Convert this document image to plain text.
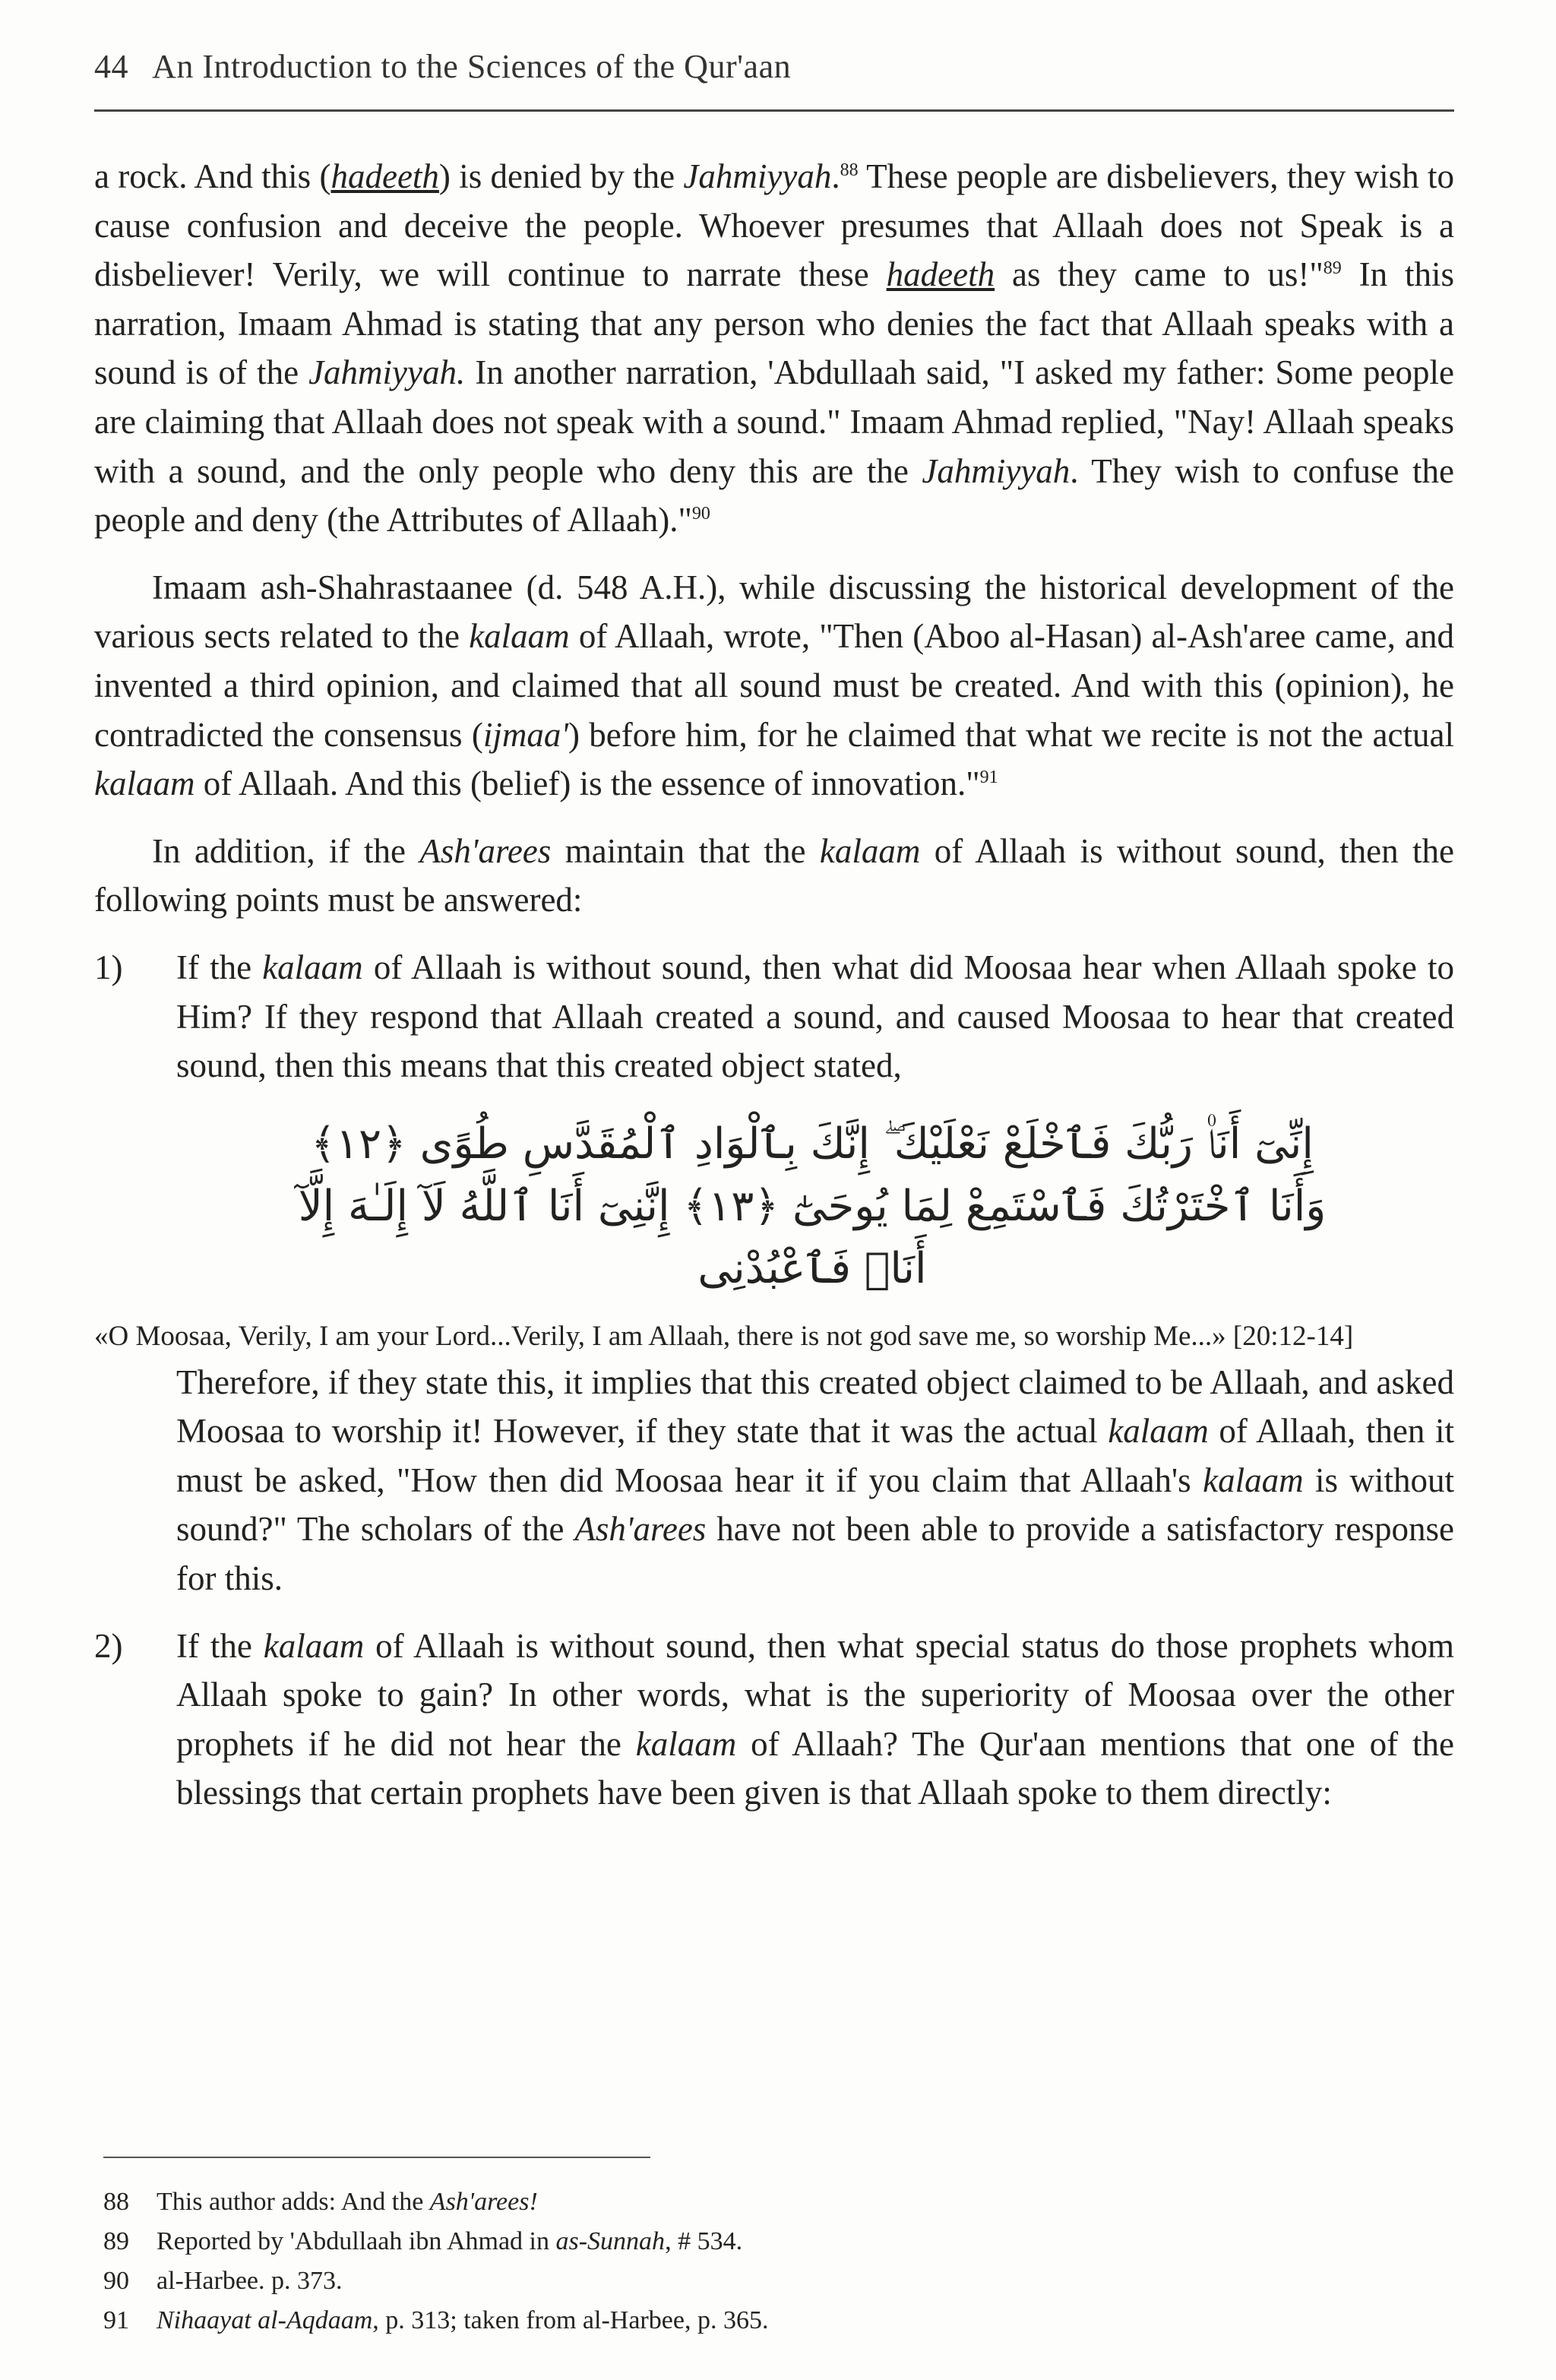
44 An Introduction to the Sciences of the Qur'aan

a rock. And this (hadeeth) is denied by the Jahmiyyah.$^{88}$ These people are disbelievers, they wish to cause confusion and deceive the people. Whoever presumes that Allaah does not Speak is a disbeliever! Verily, we will continue to narrate these hadeeth as they came to us!"$^{89}$ In this narration, Imaam Ahmad is stating that any person who denies the fact that Allaah speaks with a sound is of the Jahmiyyah. In another narration, 'Abdullaah said, "I asked my father: Some people are claiming that Allaah does not speak with a sound." Imaam Ahmad replied, "Nay! Allaah speaks with a sound, and the only people who deny this are the Jahmiyyah. They wish to confuse the people and deny (the Attributes of Allaah)."$^{90}$

Imaam ash-Shahrastaanee (d. 548 A.H.), while discussing the historical development of the various sects related to the kalaam of Allaah, wrote, "Then (Aboo al-Hasan) al-Ash'aree came, and invented a third opinion, and claimed that all sound must be created. And with this (opinion), he contradicted the consensus (ijmaa') before him, for he claimed that what we recite is not the actual kalaam of Allaah. And this (belief) is the essence of innovation."$^{91}$

In addition, if the Ash'arees maintain that the kalaam of Allaah is without sound, then the following points must be answered:

1) If the kalaam of Allaah is without sound, then what did Moosaa hear when Allaah spoke to Him? If they respond that Allaah created a sound, and caused Moosaa to hear that created sound, then this means that this created object stated,

إِنِّىٓ أَنَا۠ رَبُّكَ فَٱخْلَعْ نَعْلَيْكَ ۖ إِنَّكَ بِٱلْوَادِ ٱلْمُقَدَّسِ طُوًى ﴿١٢﴾
وَأَنَا ٱخْتَرْتُكَ فَٱسْتَمِعْ لِمَا يُوحَىٰٓ ﴿١٣﴾ إِنَّنِىٓ أَنَا ٱللَّهُ لَآ إِلَـٰهَ إِلَّآ أَنَا۠ فَٱعْبُدْنِى

«O Moosaa, Verily, I am your Lord...Verily, I am Allaah, there is not god save me, so worship Me...» [20:12-14]

Therefore, if they state this, it implies that this created object claimed to be Allaah, and asked Moosaa to worship it! However, if they state that it was the actual kalaam of Allaah, then it must be asked, "How then did Moosaa hear it if you claim that Allaah's kalaam is without sound?" The scholars of the Ash'arees have not been able to provide a satisfactory response for this.

2) If the kalaam of Allaah is without sound, then what special status do those prophets whom Allaah spoke to gain? In other words, what is the superiority of Moosaa over the other prophets if he did not hear the kalaam of Allaah? The Qur'aan mentions that one of the blessings that certain prophets have been given is that Allaah spoke to them directly:

88	This author adds: And the Ash'arees!
89	Reported by 'Abdullaah ibn Ahmad in as-Sunnah, # 534.
90	al-Harbee. p. 373.
91	Nihaayat al-Aqdaam, p. 313; taken from al-Harbee, p. 365.
